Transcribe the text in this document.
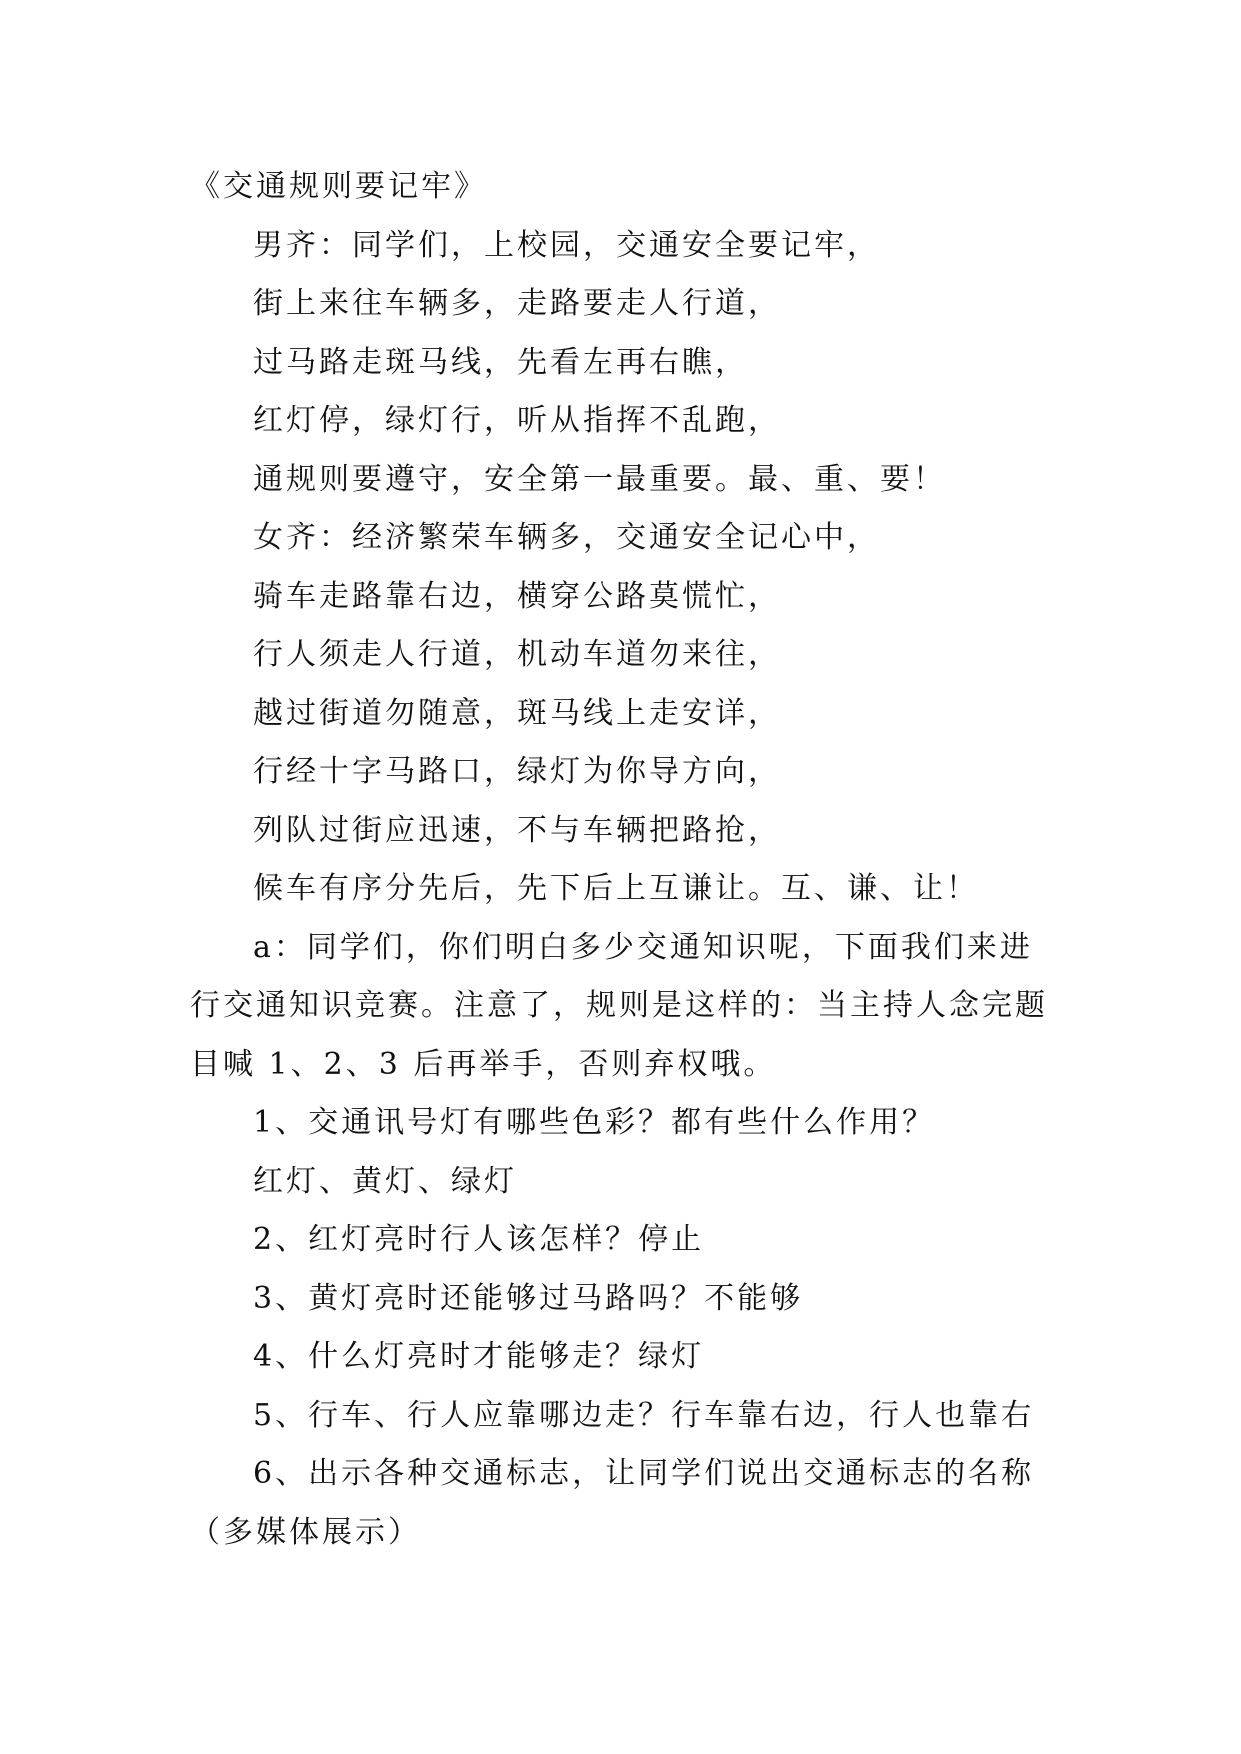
《交通规则要记牢》
男齐：同学们，上校园，交通安全要记牢，
街上来往车辆多，走路要走人行道，
过马路走斑马线，先看左再右瞧，
红灯停，绿灯行，听从指挥不乱跑，
通规则要遵守，安全第一最重要。最、重、要！
女齐：经济繁荣车辆多，交通安全记心中，
骑车走路靠右边，横穿公路莫慌忙，
行人须走人行道，机动车道勿来往，
越过街道勿随意，斑马线上走安详，
行经十字马路口，绿灯为你导方向，
列队过街应迅速，不与车辆把路抢，
候车有序分先后，先下后上互谦让。互、谦、让！
a：同学们，你们明白多少交通知识呢，下面我们来进
行交通知识竞赛。注意了，规则是这样的：当主持人念完题
目喊 1、2、3 后再举手，否则弃权哦。
1、交通讯号灯有哪些色彩？都有些什么作用？
红灯、黄灯、绿灯
2、红灯亮时行人该怎样？停止
3、黄灯亮时还能够过马路吗？不能够
4、什么灯亮时才能够走？绿灯
5、行车、行人应靠哪边走？行车靠右边，行人也靠右
6、出示各种交通标志，让同学们说出交通标志的名称
（多媒体展示）
